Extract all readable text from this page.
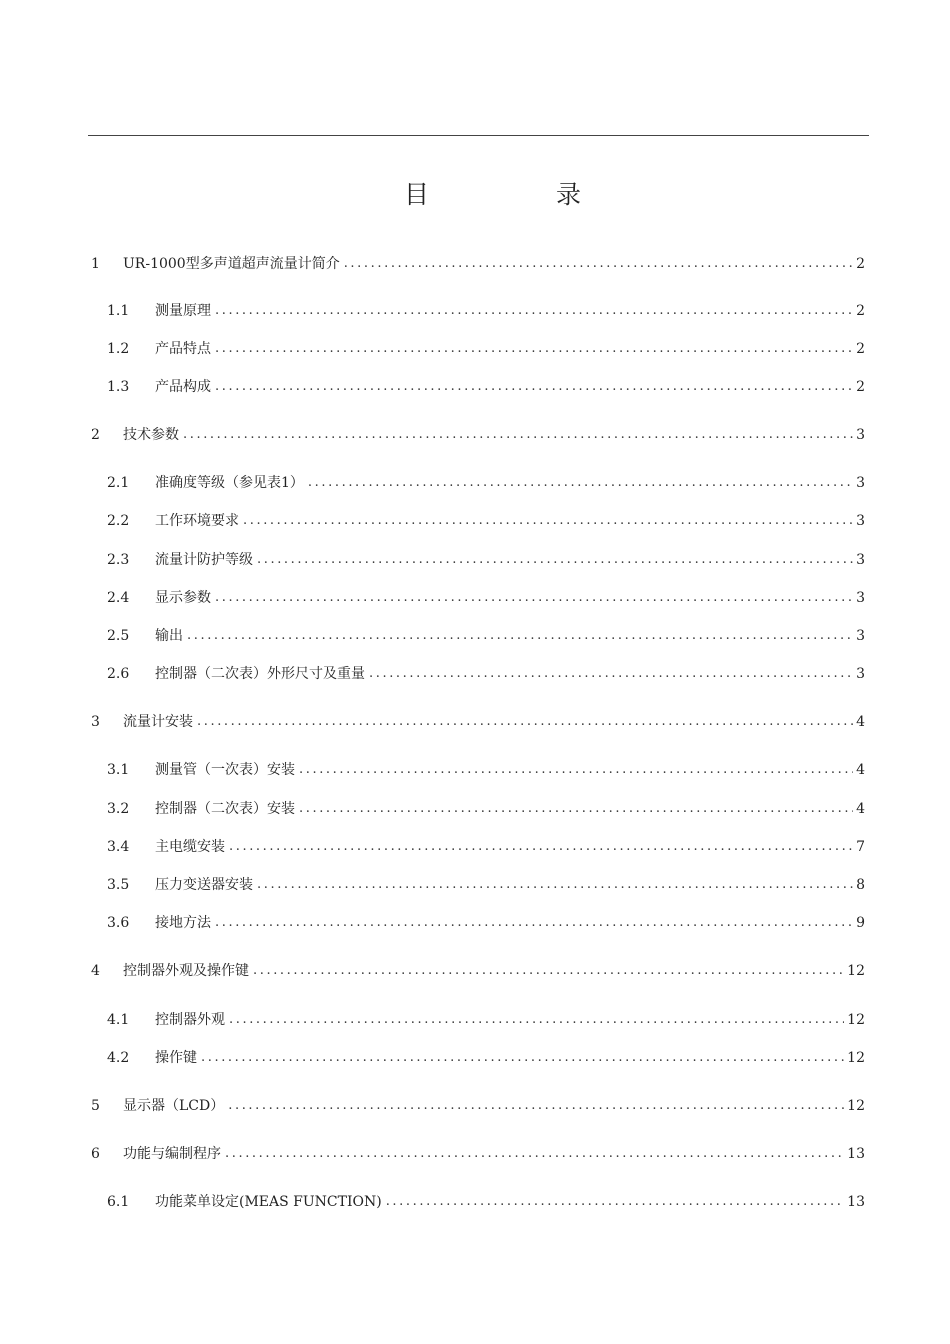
目	录
1	UR-1000型多声道超声流量计简介 .....	2
1.1	测量原理 .....	2
1.2	产品特点 .....	2
1.3	产品构成 .....	2
2	技术参数 .....	3
2.1	准确度等级（参见表1） .....	3
2.2	工作环境要求 .....	3
2.3	流量计防护等级 .....	3
2.4	显示参数 .....	3
2.5	输出 .....	3
2.6	控制器（二次表）外形尺寸及重量 .....	3
3	流量计安装 .....	4
3.1	测量管（一次表）安装 .....	4
3.2	控制器（二次表）安装 .....	4
3.4	主电缆安装 .....	7
3.5	压力变送器安装 .....	8
3.6	接地方法 .....	9
4	控制器外观及操作键 .....	12
4.1	控制器外观 .....	12
4.2	操作键 .....	12
5	显示器（LCD） .....	12
6	功能与编制程序 .....	13
6.1	功能菜单设定(MEAS FUNCTION) .....	13
